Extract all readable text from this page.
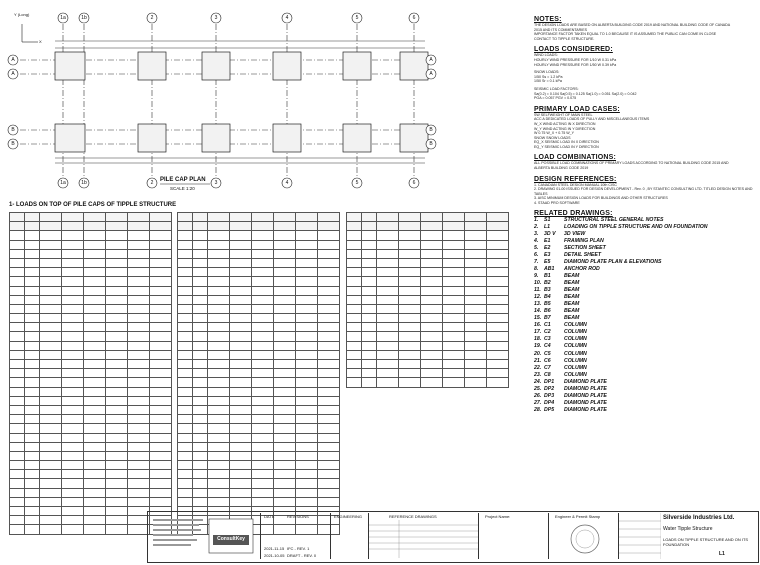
1a	1b	2	3	4	5	6
1a	1b	2	3	4	5	6
A
A
B
B
A
A
B
B
Y (Long)
X
PILE CAP PLAN
SCALE 1:20
1- LOADS ON TOP OF PILE CAPS OF TIPPLE STRUCTURE

NOTES:
THE DESIGN LOADS ARE BASED ON ALBERTA BUILDING CODE 2019 AND NATIONAL BUILDING CODE OF CANADA
2015 AND ITS COMMENTARIES
IMPORTANCE FACTOR TAKEN EQUAL TO 1.0 BECAUSE IT IS ASSUMED THE PUBLIC CAN COME IN CLOSE
CONTACT TO TIPPLE STRUCTURE.
LOADS CONSIDERED:
WIND LOADS:
HOURLY WIND PRESSURE FOR 1/10 W 0.31 kPa
HOURLY WIND PRESSURE FOR 1/50 W 0.39 kPa
SNOW LOADS:
1/50 Ss = 1.2 kPa
1/50 Sr = 0.1 kPa
SEISMIC LOAD FACTORS:
Sa(0.2) = 0.104 Sa(0.5) = 0.125 Sa(1.0) = 0.051 Sa(2.0) = 0.042
PGA = 0.057 PGV = 0.075
PRIMARY LOAD CASES:
SW SELFWEIGHT OF MAIN STEEL
ACC A DEDICATED LOADS OF PULLY AND MISCELLANEOUS ITEMS
W_X WIND ACTING IN X DIRECTION
W_Y WIND ACTING IN Y DIRECTION
W 0.75 W_X + 0.75 W_Y
SNOW SNOW LOADS
EQ_X SEISMIC LOAD IN X DIRECTION
EQ_Y SEISMIC LOAD IN Y DIRECTION
LOAD COMBINATIONS:
ALL POSSIBLE LOAD COMBINATIONS OF PRIMARY LOADS ACCORDING TO NATIONAL BUILDING CODE 2015 AND
ALBERTA BUILDING CODE 2019
DESIGN REFERENCES:
1. CANADIAN STEEL DESIGN MANUAL 10th CISC
2. DRAWING 01-00 ISSUED FOR DESIGN DEVELOPMENT - Rev. 0 , BY STANTEC CONSULTING LTD. TITLED DESIGN NOTES AND
TABLES
3. AISC MINIMUM DESIGN LOADS FOR BUILDINGS AND OTHER STRUCTURES
4. STAAD PRO SOFTWARE
RELATED DRAWINGS:
1. S1	STRUCTURAL STEEL GENERAL NOTES
2. L1	LOADING ON TIPPLE STRUCTURE AND ON FOUNDATION
3. 3D V 3D VIEW
4. E1	FRAMING PLAN
5. E2	SECTION SHEET
6. E3	DETAIL SHEET
7. E5	DIAMOND PLATE PLAN & ELEVATIONS
8. AB1 ANCHOR ROD
9. B1	BEAM
10. B2	BEAM
11. B3	BEAM
12. B4	BEAM
13. B5	BEAM
14. B6	BEAM
15. B7	BEAM
16. C1	COLUMN
17. C2	COLUMN
18. C3	COLUMN
19. C4	COLUMN
20. C5	COLUMN
21. C6	COLUMN
22. C7	COLUMN
23. C8	COLUMN
24. DP1 DIAMOND PLATE
25. DP2 DIAMOND PLATE
26. DP3 DIAMOND PLATE
27. DP4 DIAMOND PLATE
28. DP5 DIAMOND PLATE
ConsultKey
DATE	REVISIONS
2021-11-15 IFC - REV. 1
2021-10-05 DRAFT - REV. 0
ENGINEERING	REFERENCE DRAWINGS	Project Name:	Engineer & Permit Stamp	Silverside Industries Ltd.
Water Tipple Structure
LOADS ON TIPPLE STRUCTURE AND ON ITS FOUNDATION
L1
